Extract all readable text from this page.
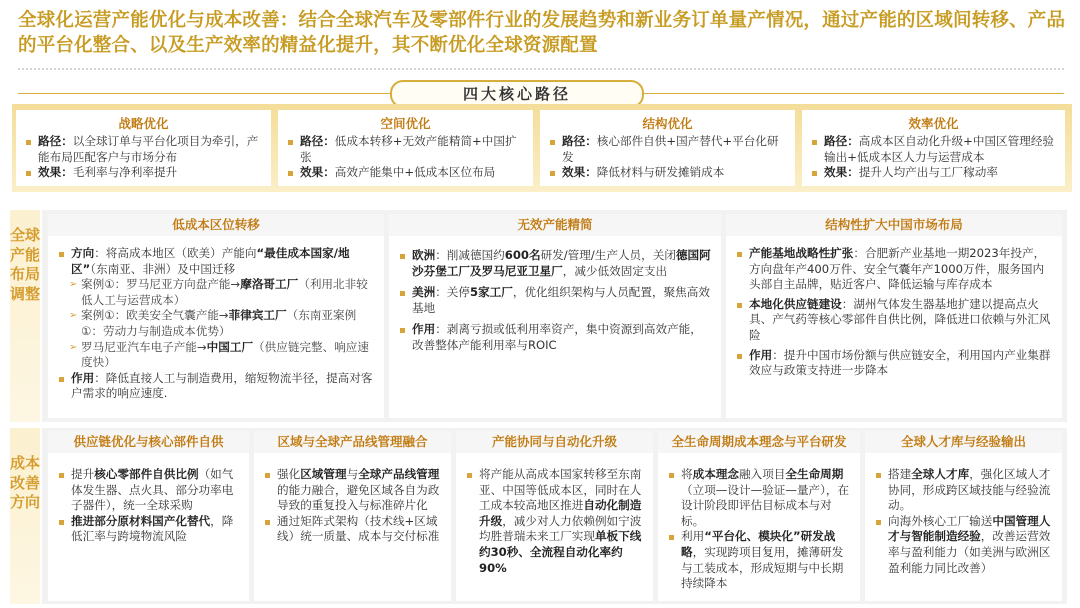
全球化运营产能优化与成本改善：结合全球汽车及零部件行业的发展趋势和新业务订单量产情况，通过产能的区域间转移、产品的平台化整合、以及生产效率的精益化提升，其不断优化全球资源配置
四大核心路径
战略优化
路径：以全球订单与平台化项目为牵引，产能布局匹配客户与市场分布
效果：毛利率与净利率提升
空间优化
路径：低成本转移+无效产能精简+中国扩张
效果：高效产能集中+低成本区位布局
结构优化
路径：核心部件自供+国产替代+平台化研发
效果：降低材料与研发摊销成本
效率优化
路径：高成本区自动化升级+中国区管理经验输出+低成本区人力与运营成本
效果：提升人均产出与工厂稼动率
全球产能布局调整
低成本区位转移
方向：将高成本地区（欧美）产能向“最佳成本国家/地区”（东南亚、非洲）及中国迁移
➢ 案例①：罗马尼亚方向盘产能→摩洛哥工厂（利用北非较低人工与运营成本）
➢ 案例①：欧美安全气囊产能→菲律宾工厂（东南亚案例①：劳动力与制造成本优势）
➢ 罗马尼亚汽车电子产能→中国工厂（供应链完整、响应速度快）
作用：降低直接人工与制造费用，缩短物流半径，提高对客户需求的响应速度.
无效产能精简
欧洲：削减德国约600名研发/管理/生产人员，关闭德国阿沙芬堡工厂及罗马尼亚卫星厂，减少低效固定支出
美洲：关停5家工厂，优化组织架构与人员配置，聚焦高效基地
作用：剥离亏损或低利用率资产，集中资源到高效产能，改善整体产能利用率与ROIC
结构性扩大中国市场布局
产能基地战略性扩张：合肥新产业基地一期2023年投产，方向盘年产400万件、安全气囊年产1000万件，服务国内头部自主品牌，贴近客户、降低运输与库存成本
本地化供应链建设：湖州气体发生器基地扩建以提高点火具、产气药等核心零部件自供比例，降低进口依赖与外汇风险
作用：提升中国市场份额与供应链安全，利用国内产业集群效应与政策支持进一步降本
成本改善方向
供应链优化与核心部件自供
提升核心零部件自供比例（如气体发生器、点火具、部分功率电子器件），统一全球采购
推进部分原材料国产化替代，降低汇率与跨境物流风险
区域与全球产品线管理融合
强化区域管理与全球产品线管理的能力融合，避免区域各自为政导致的重复投入与标准碎片化
通过矩阵式架构（技术线+区域线）统一质量、成本与交付标准
产能协同与自动化升级
将产能从高成本国家转移至东南亚、中国等低成本区，同时在人工成本较高地区推进自动化制造升级，减少对人力依赖例如宁波均胜普瑞未来工厂实现单板下线约30秒、全流程自动化率约90%
全生命周期成本理念与平台研发
将成本理念融入项目全生命周期（立项—设计—验证—量产），在设计阶段即评估目标成本与对标。
利用“平台化、模块化”研发战略，实现跨项目复用，摊薄研发与工装成本，形成短期与中长期持续降本
全球人才库与经验输出
搭建全球人才库，强化区域人才协同，形成跨区域技能与经验流动。
向海外核心工厂输送中国管理人才与智能制造经验，改善运营效率与盈利能力（如美洲与欧洲区盈利能力同比改善）
